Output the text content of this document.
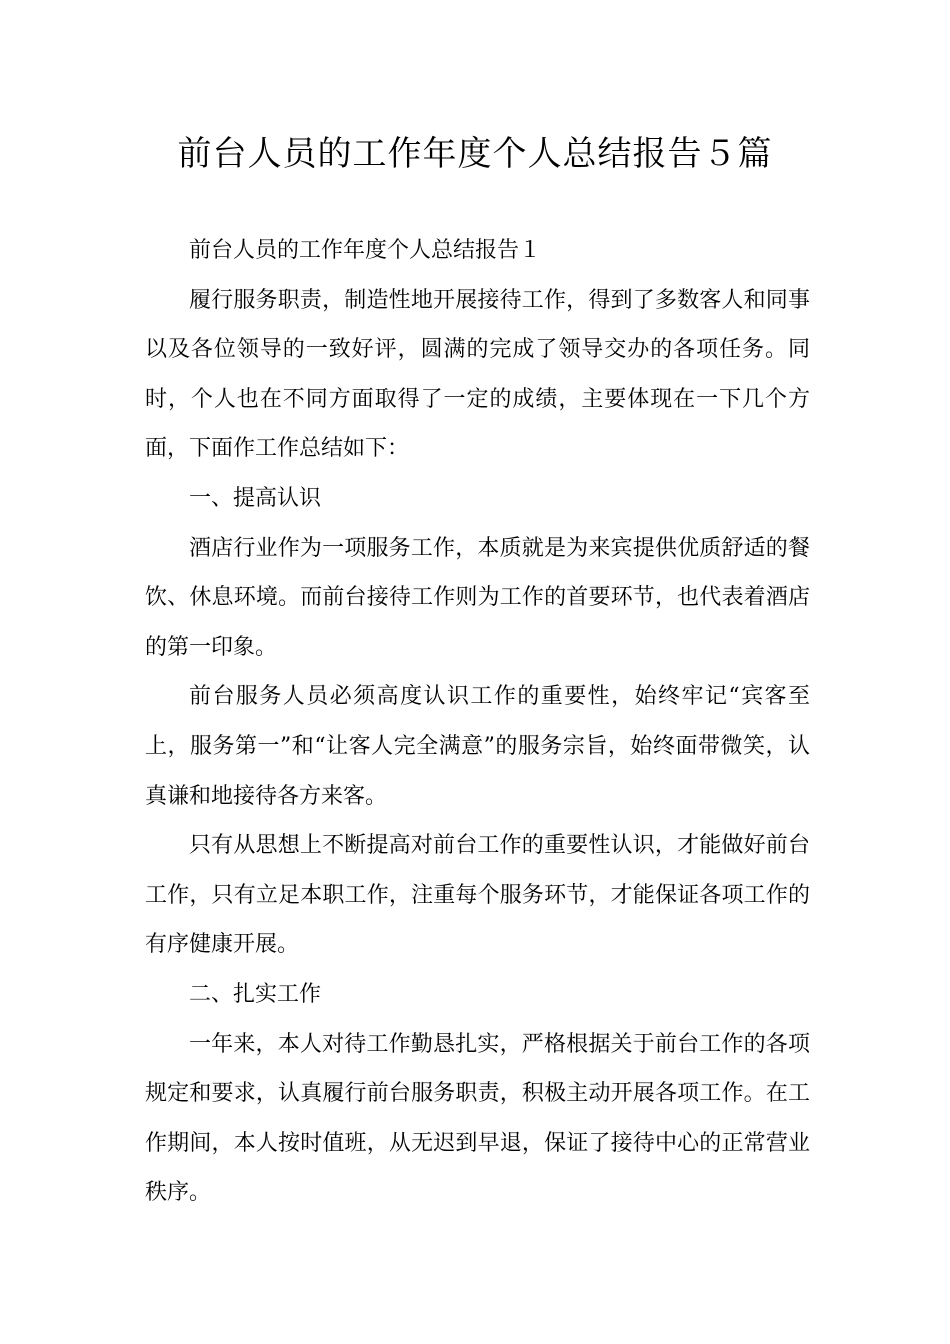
前台人员的工作年度个人总结报告５篇

前台人员的工作年度个人总结报告１

履行服务职责，制造性地开展接待工作，得到了多数客人和同事以及各位领导的一致好评，圆满的完成了领导交办的各项任务。同时，个人也在不同方面取得了一定的成绩，主要体现在一下几个方面，下面作工作总结如下：

一、提高认识

酒店行业作为一项服务工作，本质就是为来宾提供优质舒适的餐饮、休息环境。而前台接待工作则为工作的首要环节，也代表着酒店的第一印象。

前台服务人员必须高度认识工作的重要性，始终牢记“宾客至上，服务第一”和“让客人完全满意”的服务宗旨，始终面带微笑，认真谦和地接待各方来客。

只有从思想上不断提高对前台工作的重要性认识，才能做好前台工作，只有立足本职工作，注重每个服务环节，才能保证各项工作的有序健康开展。

二、扎实工作

一年来，本人对待工作勤恳扎实，严格根据关于前台工作的各项规定和要求，认真履行前台服务职责，积极主动开展各项工作。在工作期间，本人按时值班，从无迟到早退，保证了接待中心的正常营业秩序。
